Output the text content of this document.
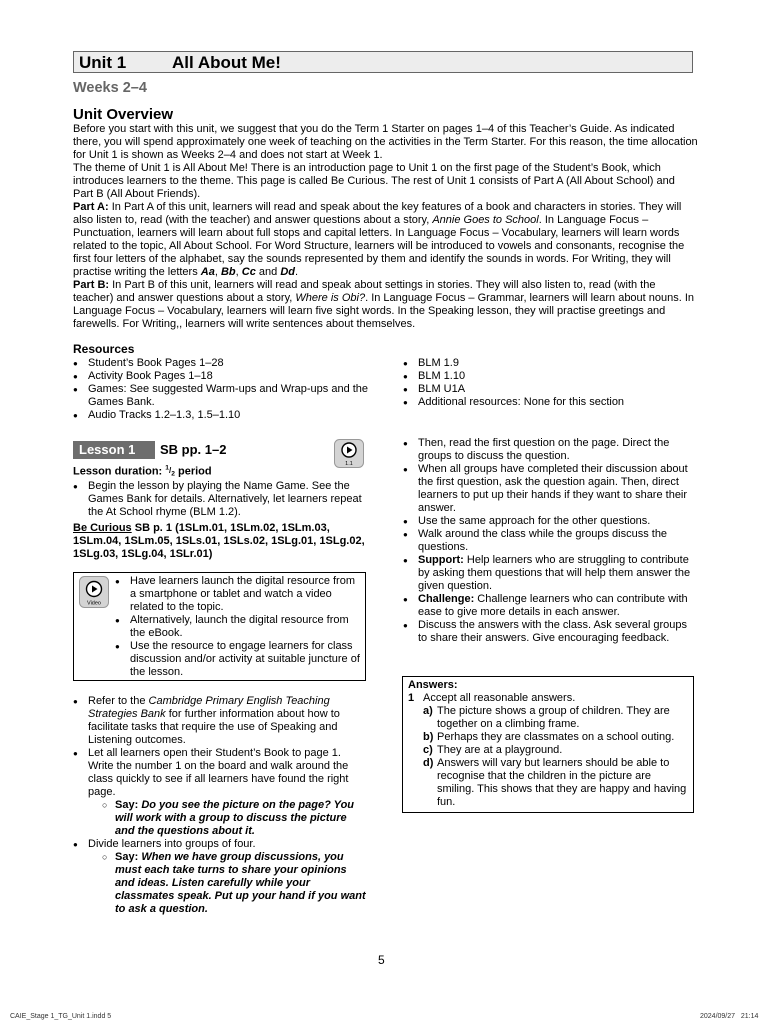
Unit 1	All About Me!
Weeks 2–4
Unit Overview

Before you start with this unit, we suggest that you do the Term 1 Starter on pages 1–4 of this Teacher’s Guide. As indicated there, you will spend approximately one week of teaching on the activities in the Term Starter. For this reason, the time allocation for Unit 1 is shown as Weeks 2–4 and does not start at Week 1.

The theme of Unit 1 is All About Me! There is an introduction page to Unit 1 on the first page of the Student’s Book, which introduces learners to the theme. This page is called Be Curious. The rest of Unit 1 consists of Part A (All About School) and Part B (All About Friends).

Part A: In Part A of this unit, learners will read and speak about the key features of a book and characters in stories. They will also listen to, read (with the teacher) and answer questions about a story, Annie Goes to School. In Language Focus – Punctuation, learners will learn about full stops and capital letters. In Language Focus – Vocabulary, learners will learn words related to the topic, All About School. For Word Structure, learners will be introduced to vowels and consonants, recognise the first four letters of the alphabet, say the sounds represented by them and identify the sounds in words. For Writing, they will practise writing the letters Aa, Bb, Cc and Dd.

Part B: In Part B of this unit, learners will read and speak about settings in stories. They will also listen to, read (with the teacher) and answer questions about a story, Where is Obi?. In Language Focus – Grammar, learners will learn about nouns. In Language Focus – Vocabulary, learners will learn five sight words. In the Speaking lesson, they will practise greetings and farewells. For Writing,, learners will write sentences about themselves.

Resources
● Student’s Book Pages 1–28
● Activity Book Pages 1–18
● Games: See suggested Warm-ups and Wrap-ups and the Games Bank.
● Audio Tracks 1.2–1.3, 1.5–1.10
● BLM 1.9
● BLM 1.10
● BLM U1A
● Additional resources: None for this section
Lesson 1	SB pp. 1–2
1.1

Lesson duration: $^1/_2$ period

● Begin the lesson by playing the Name Game. See the Games Bank for details. Alternatively, let learners repeat the At School rhyme (BLM 1.2).

Be Curious SB p. 1 (1SLm.01, 1SLm.02, 1SLm.03, 1SLm.04, 1SLm.05, 1SLs.01, 1SLs.02, 1SLg.01, 1SLg.02, 1SLg.03, 1SLg.04, 1SLr.01)

Video
● Have learners launch the digital resource from a smartphone or tablet and watch a video related to the topic.
● Alternatively, launch the digital resource from the eBook.
● Use the resource to engage learners for class discussion and/or activity at suitable juncture of the lesson.
● Refer to the Cambridge Primary English Teaching Strategies Bank for further information about how to facilitate tasks that require the use of Speaking and Listening outcomes.
● Let all learners open their Student’s Book to page 1. Write the number 1 on the board and walk around the class quickly to see if all learners have found the right page.
○ Say: Do you see the picture on the page? You will work with a group to discuss the picture and the questions about it.
● Divide learners into groups of four.
○ Say: When we have group discussions, you must each take turns to share your opinions and ideas. Listen carefully while your classmates speak. Put up your hand if you want to ask a question.
● Then, read the first question on the page. Direct the groups to discuss the question.
● When all groups have completed their discussion about the first question, ask the question again. Then, direct learners to put up their hands if they want to share their answer.
● Use the same approach for the other questions.
● Walk around the class while the groups discuss the questions.
● Support: Help learners who are struggling to contribute by asking them questions that will help them answer the given question.
● Challenge: Challenge learners who can contribute with ease to give more details in each answer.
● Discuss the answers with the class. Ask several groups to share their answers. Give encouraging feedback.
Answers:
1 Accept all reasonable answers.
a) The picture shows a group of children. They are together on a climbing frame.
b) Perhaps they are classmates on a school outing.
c) They are at a playground.
d) Answers will vary but learners should be able to recognise that the children in the picture are smiling. This shows that they are happy and having fun.
5
CAIE_Stage 1_TG_Unit 1.indd 5	2024/09/27   21:14
